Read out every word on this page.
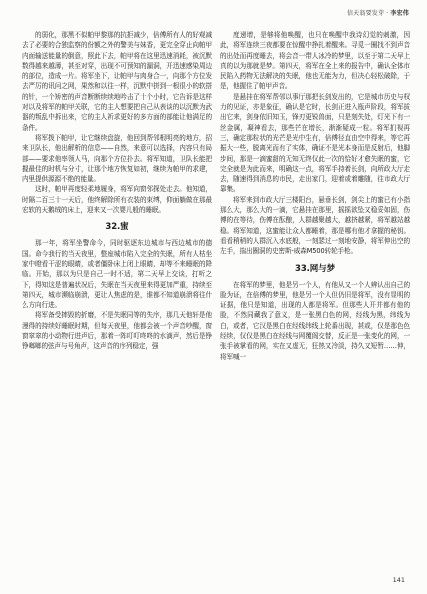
信天翁要发芽 · 李宏伟

的弱化，那黑不似帕甲黎那的抗拒减少，倍傅所有人的好观减去了必要的合独监察的份额之外的警美与妹香，更完全穿止向帕甲内面输送能量的倒意，照此下去，帕甲将在这里迅速消耗，被沉默数得越来越薄，甚至对穿，出现不可预知的漏洞，开迅速感染周边的部位，造成一片。将军坐下，让帕甲与肉身合一，向那个方位发去严厉的讯问之网，果然和以往一样，沉默中拼到一根很小的软搭的针，一个矫密的声音断断续续地吟击了十个小时，它告诉是这样对以及将军的帕甲关联，它的主人想要把自己从表谈的以沉默为武器的叛乱中拆出来，它的主人祈求更好的多方面的部能让他满足的条件。

将军拨下帕甲，让它继续盘旋，他回到帮邻根明亮的地方，招来卫队长，他出解析的信息——自然，来意可以选择，内容只有局部——要求他率领人马，向那个方位扑去。将军知道，卫队长能把握最佳的时机与分寸，让那个地方恢复如初，继续为帕甲的求建，内里提供源源不绝的能量。

这时，帕甲再度轻柔地履身，将军向窗邻探处走去。他知道，时隔二百三十一天后，他终解除所有衣装的束缚，仰面躺做在那最宏软的天鹅绒的床上，迎来又一次婴儿般的睡眠。

32.蜜

那一年，将军坐警命今，同时驱逐东边城市与西边城市的德国。命今我行的当天夜里，整座城市陷入完全的失眠，所有人枯坐家中瞪看干涩的眼睛，或者僵卧床上闭上眼睛，却等不来睡眠的降临。开始，那以为只是自己一时不适，第二天早上交谈，打听之下，得知这是普遍状况后，失眠在当天夜里来得更加严重，持续至第四天，城市濒临崩溃，更让人焦虑的是，谁都不知道崩溃将往什么方向行进。

将军备受摔毁的折磨，不是失眠同等的失序，那几天他轩是他漫得的持续好睡眠时期，但每天夜里，他都会被一个声音吵醒，窗窗窣窣的小动物行进声后，那着一阵叮叮咚咚的水滴声，然后是铮铮啷啷的弦声与号角声，这声音的序列稳定，强

度递增，是够将他唤醒，也只在唤醒中我诗幻觉的刺激，因此，将军连续三夜都要在惊醒中挣扎着醒来。寻觅一圈找不到声音的出处而再度睡去，将会音一带人冰冷的梦里，以至于第二天早上真的以为那就是梦。第四天，将军在全上来的报告中，确认全体市民陷入药物无法解决的失眠，他也无能为力，但决心轻松破除，于是，他握住了帕甲声音。

是悬挂在将军帮邻以事厅那把长剑发出的，它是城市历史与权力的见证，亦是象征，确认是它时，长剑正进入瓶声阶段，将军拔出它来，剑身依旧知玉，锋刃更锐兽面，只是刻失处，灯光下有一丝金属，凝神看去，那些芒在增长，渐渐疑成一粒。将军扪视再三，确定那粒状的光芒是光中生有，倍傅径直由空中得来，等它再振大一些，脱离光而有了实体，确证不是光本身而是反射后，他脚步间，那是一滴蜜甜的无知无终仅此一次的恰好才愈失眠的蜜，它完全就是为此而来，明确这一点，将军手持着长剑，向所政大厅走去，随速得到消息的市民，走出家门，迎着或着雕随，往市政大厅靠集。

将军来到市政大厅三楼阳台，悬垂长剑，剑尖上的蜜已有小指那么大，那么大的一滴，它悬挂在那里，摇摇欲坠又稳妥如固，伤傅的在等待，伤傅在酝酿，人群越聚越大，越挤越紧，将军越站越稳。将军知道，这蜜能让众人都睡着，那是哪有他才拿握的秘钥。看看稍稍的人群沉入水底般，一刻瑟过一刻地安静，将军伸出空的左手，揣出圈洞的史密斯-威森M500转轮手枪。

33.网与梦

在将军的梦里，他是另一个人，有他从又一个人辨认出自己的脸为证，在倍傅的梦里，他是另一个人但仍旧是将军，没有显明的证据，他只是知道，出现的人都是将军。但那些人开并都有他的脸，不然同藏我了意义，是一张黑白色的网，经线为黑，纬线为白，或者，它汉是黑白在经线纬线上轮番出现，甚或，仅是那色色经续，仅仅是黑白在经线与网覆阁交替，反正是一张变化的网，一张手被掌看的网，实在又虚无，狂热又冷淡，持久又短暂……伸，将军喊一

141
